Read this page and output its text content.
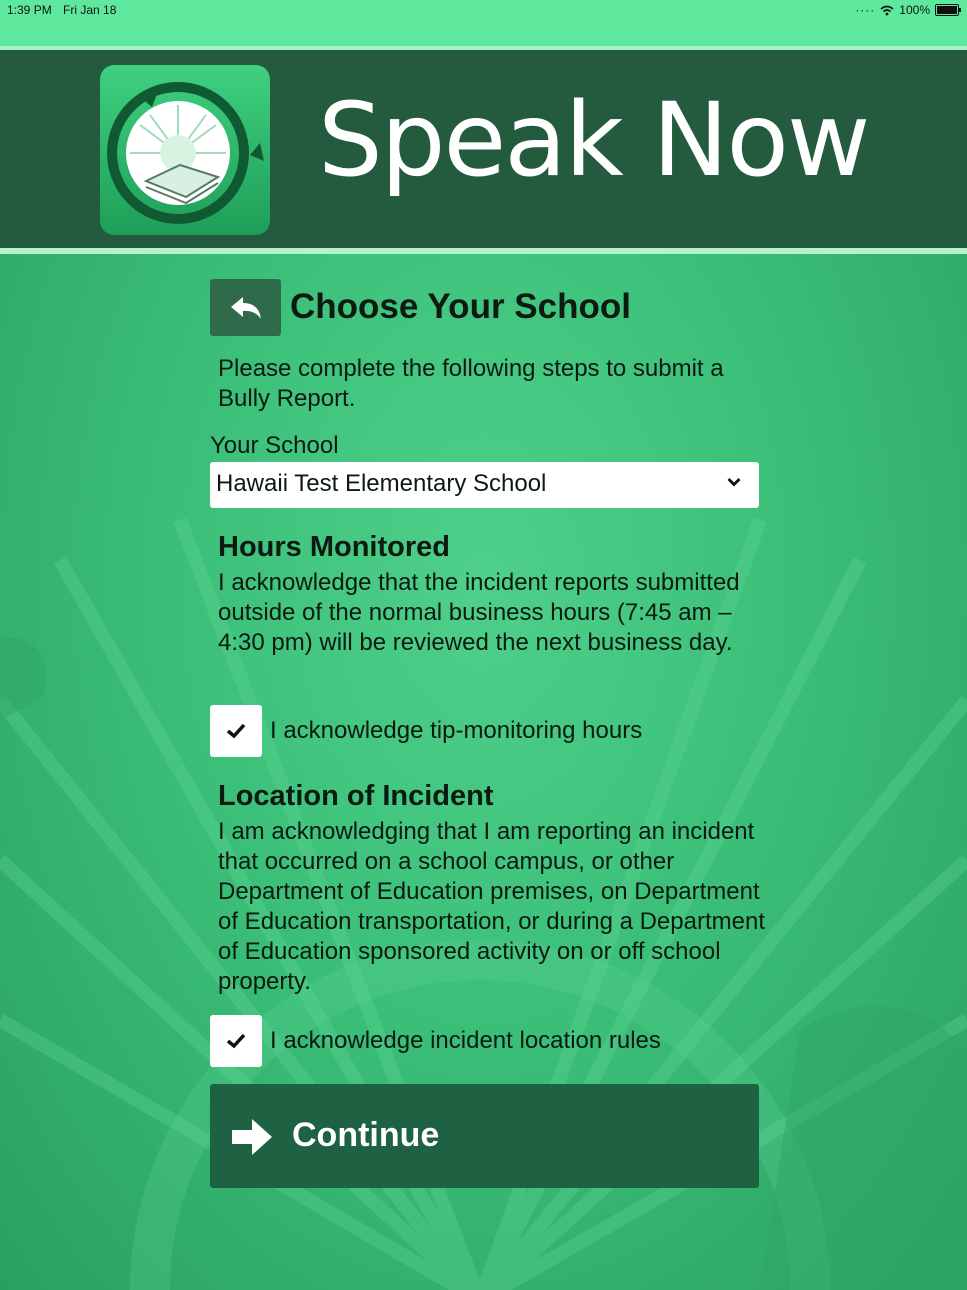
1:39 PM Fri Jan 18	···· 100%
Speak Now
Choose Your School
Please complete the following steps to submit a Bully Report.
Your School
Hawaii Test Elementary School
Hours Monitored
I acknowledge that the incident reports submitted outside of the normal business hours (7:45 am – 4:30 pm) will be reviewed the next business day.
I acknowledge tip-monitoring hours
Location of Incident
I am acknowledging that I am reporting an incident that occurred on a school campus, or other Department of Education premises, on Department of Education transportation, or during a Department of Education sponsored activity on or off school property.
I acknowledge incident location rules
Continue
